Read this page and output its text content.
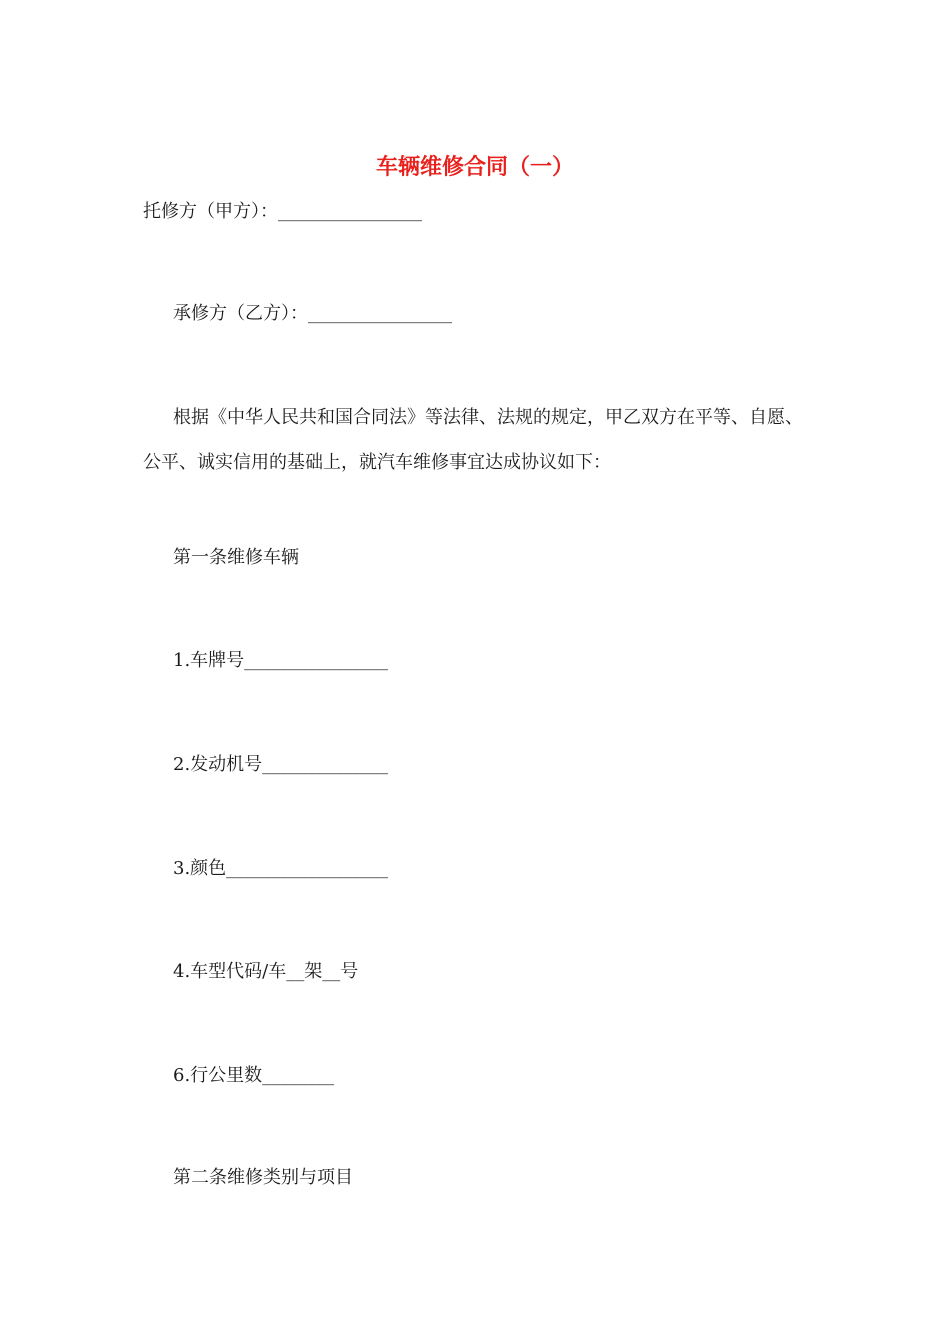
车辆维修合同（一）

托修方（甲方）：________________

承修方（乙方）：________________

根据《中华人民共和国合同法》等法律、法规的规定，甲乙双方在平等、自愿、公平、诚实信用的基础上，就汽车维修事宜达成协议如下：

第一条维修车辆

1.车牌号________________

2.发动机号______________

3.颜色__________________

4.车型代码/车__架__号

6.行公里数________

第二条维修类别与项目
